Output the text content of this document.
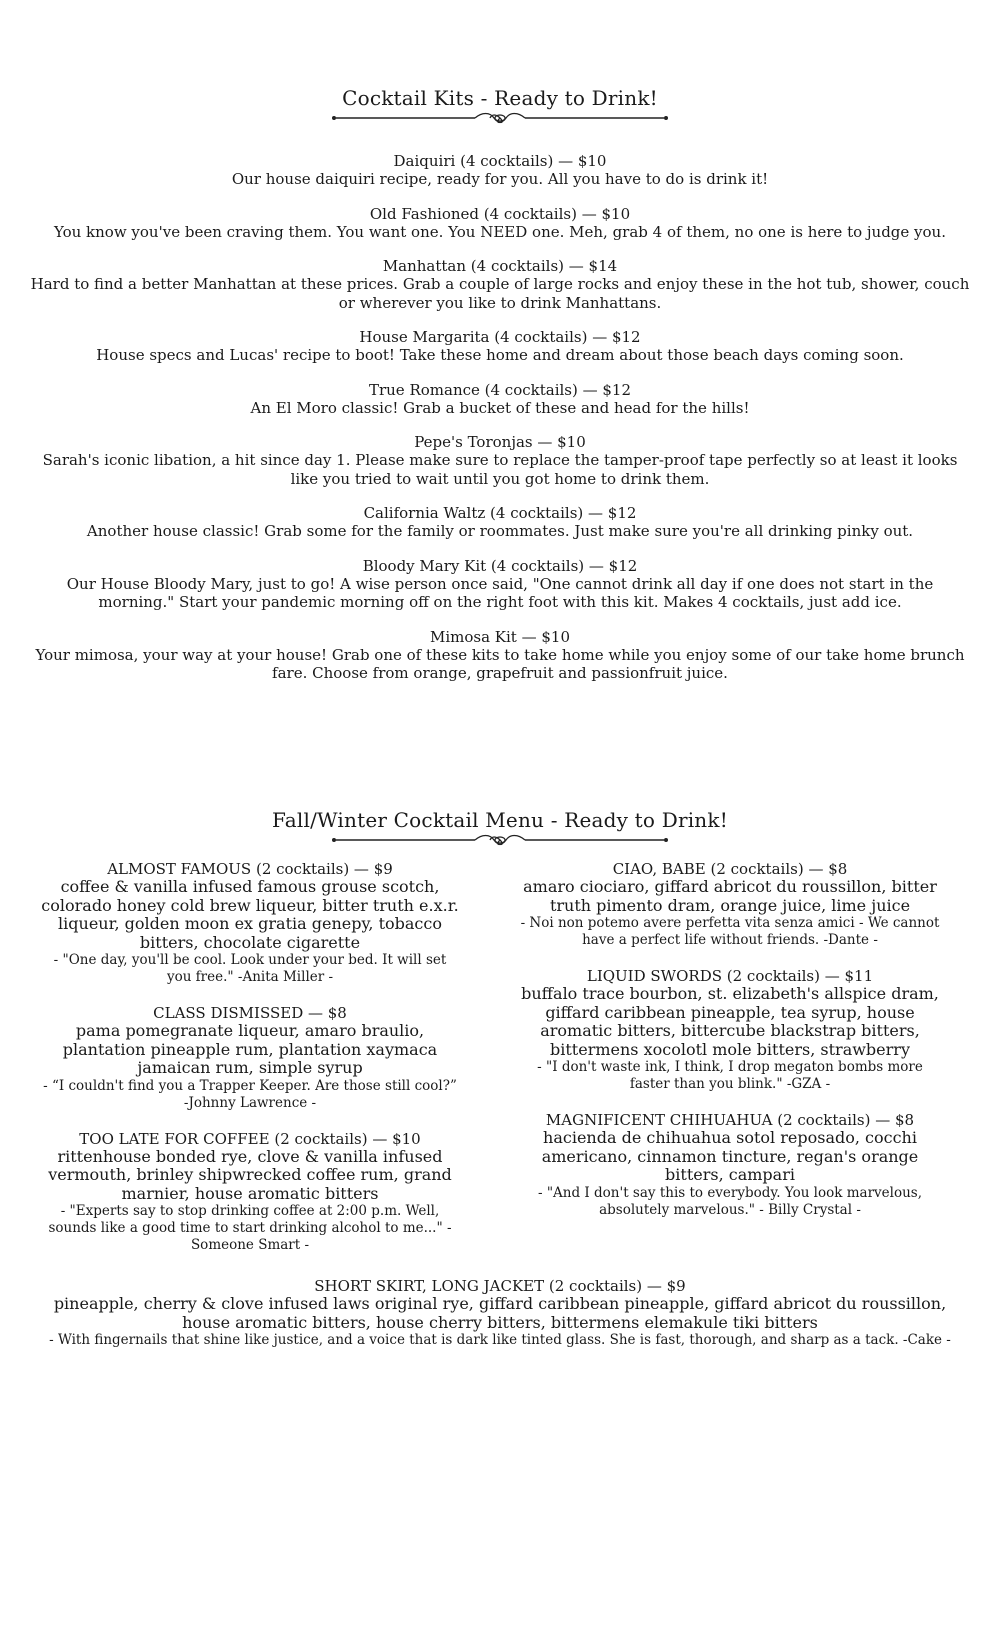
Cocktail Kits - Ready to Drink!
Daiquiri (4 cocktails) — $10
Our house daiquiri recipe, ready for you. All you have to do is drink it!
Old Fashioned (4 cocktails) — $10
You know you've been craving them. You want one. You NEED one. Meh, grab 4 of them, no one is here to judge you.
Manhattan (4 cocktails) — $14
Hard to find a better Manhattan at these prices. Grab a couple of large rocks and enjoy these in the hot tub, shower, couch or wherever you like to drink Manhattans.
House Margarita (4 cocktails) — $12
House specs and Lucas' recipe to boot! Take these home and dream about those beach days coming soon.
True Romance (4 cocktails) — $12
An El Moro classic! Grab a bucket of these and head for the hills!
Pepe's Toronjas — $10
Sarah's iconic libation, a hit since day 1. Please make sure to replace the tamper-proof tape perfectly so at least it looks like you tried to wait until you got home to drink them.
California Waltz (4 cocktails) — $12
Another house classic! Grab some for the family or roommates. Just make sure you're all drinking pinky out.
Bloody Mary Kit (4 cocktails) — $12
Our House Bloody Mary, just to go! A wise person once said, "One cannot drink all day if one does not start in the morning." Start your pandemic morning off on the right foot with this kit. Makes 4 cocktails, just add ice.
Mimosa Kit — $10
Your mimosa, your way at your house! Grab one of these kits to take home while you enjoy some of our take home brunch fare. Choose from orange, grapefruit and passionfruit juice.
Fall/Winter Cocktail Menu - Ready to Drink!
ALMOST FAMOUS (2 cocktails) — $9
coffee & vanilla infused famous grouse scotch, colorado honey cold brew liqueur, bitter truth e.x.r. liqueur, golden moon ex gratia genepy, tobacco bitters, chocolate cigarette
- "One day, you'll be cool. Look under your bed. It will set you free." -Anita Miller -
CLASS DISMISSED — $8
pama pomegranate liqueur, amaro braulio, plantation pineapple rum, plantation xaymaca jamaican rum, simple syrup
- “I couldn't find you a Trapper Keeper. Are those still cool?” -Johnny Lawrence -
TOO LATE FOR COFFEE (2 cocktails) — $10
rittenhouse bonded rye, clove & vanilla infused vermouth, brinley shipwrecked coffee rum, grand marnier, house aromatic bitters
- "Experts say to stop drinking coffee at 2:00 p.m. Well, sounds like a good time to start drinking alcohol to me..." -Someone Smart -
CIAO, BABE (2 cocktails) — $8
amaro ciociaro, giffard abricot du roussillon, bitter truth pimento dram, orange juice, lime juice
- Noi non potemo avere perfetta vita senza amici - We cannot have a perfect life without friends. -Dante -
LIQUID SWORDS (2 cocktails) — $11
buffalo trace bourbon, st. elizabeth's allspice dram, giffard caribbean pineapple, tea syrup, house aromatic bitters, bittercube blackstrap bitters, bittermens xocolotl mole bitters, strawberry
- "I don't waste ink, I think, I drop megaton bombs more faster than you blink." -GZA -
MAGNIFICENT CHIHUAHUA (2 cocktails) — $8
hacienda de chihuahua sotol reposado, cocchi americano, cinnamon tincture, regan's orange bitters, campari
- "And I don't say this to everybody. You look marvelous, absolutely marvelous." - Billy Crystal -
SHORT SKIRT, LONG JACKET (2 cocktails) — $9
pineapple, cherry & clove infused laws original rye, giffard caribbean pineapple, giffard abricot du roussillon, house aromatic bitters, house cherry bitters, bittermens elemakule tiki bitters
- With fingernails that shine like justice, and a voice that is dark like tinted glass. She is fast, thorough, and sharp as a tack. -Cake -
